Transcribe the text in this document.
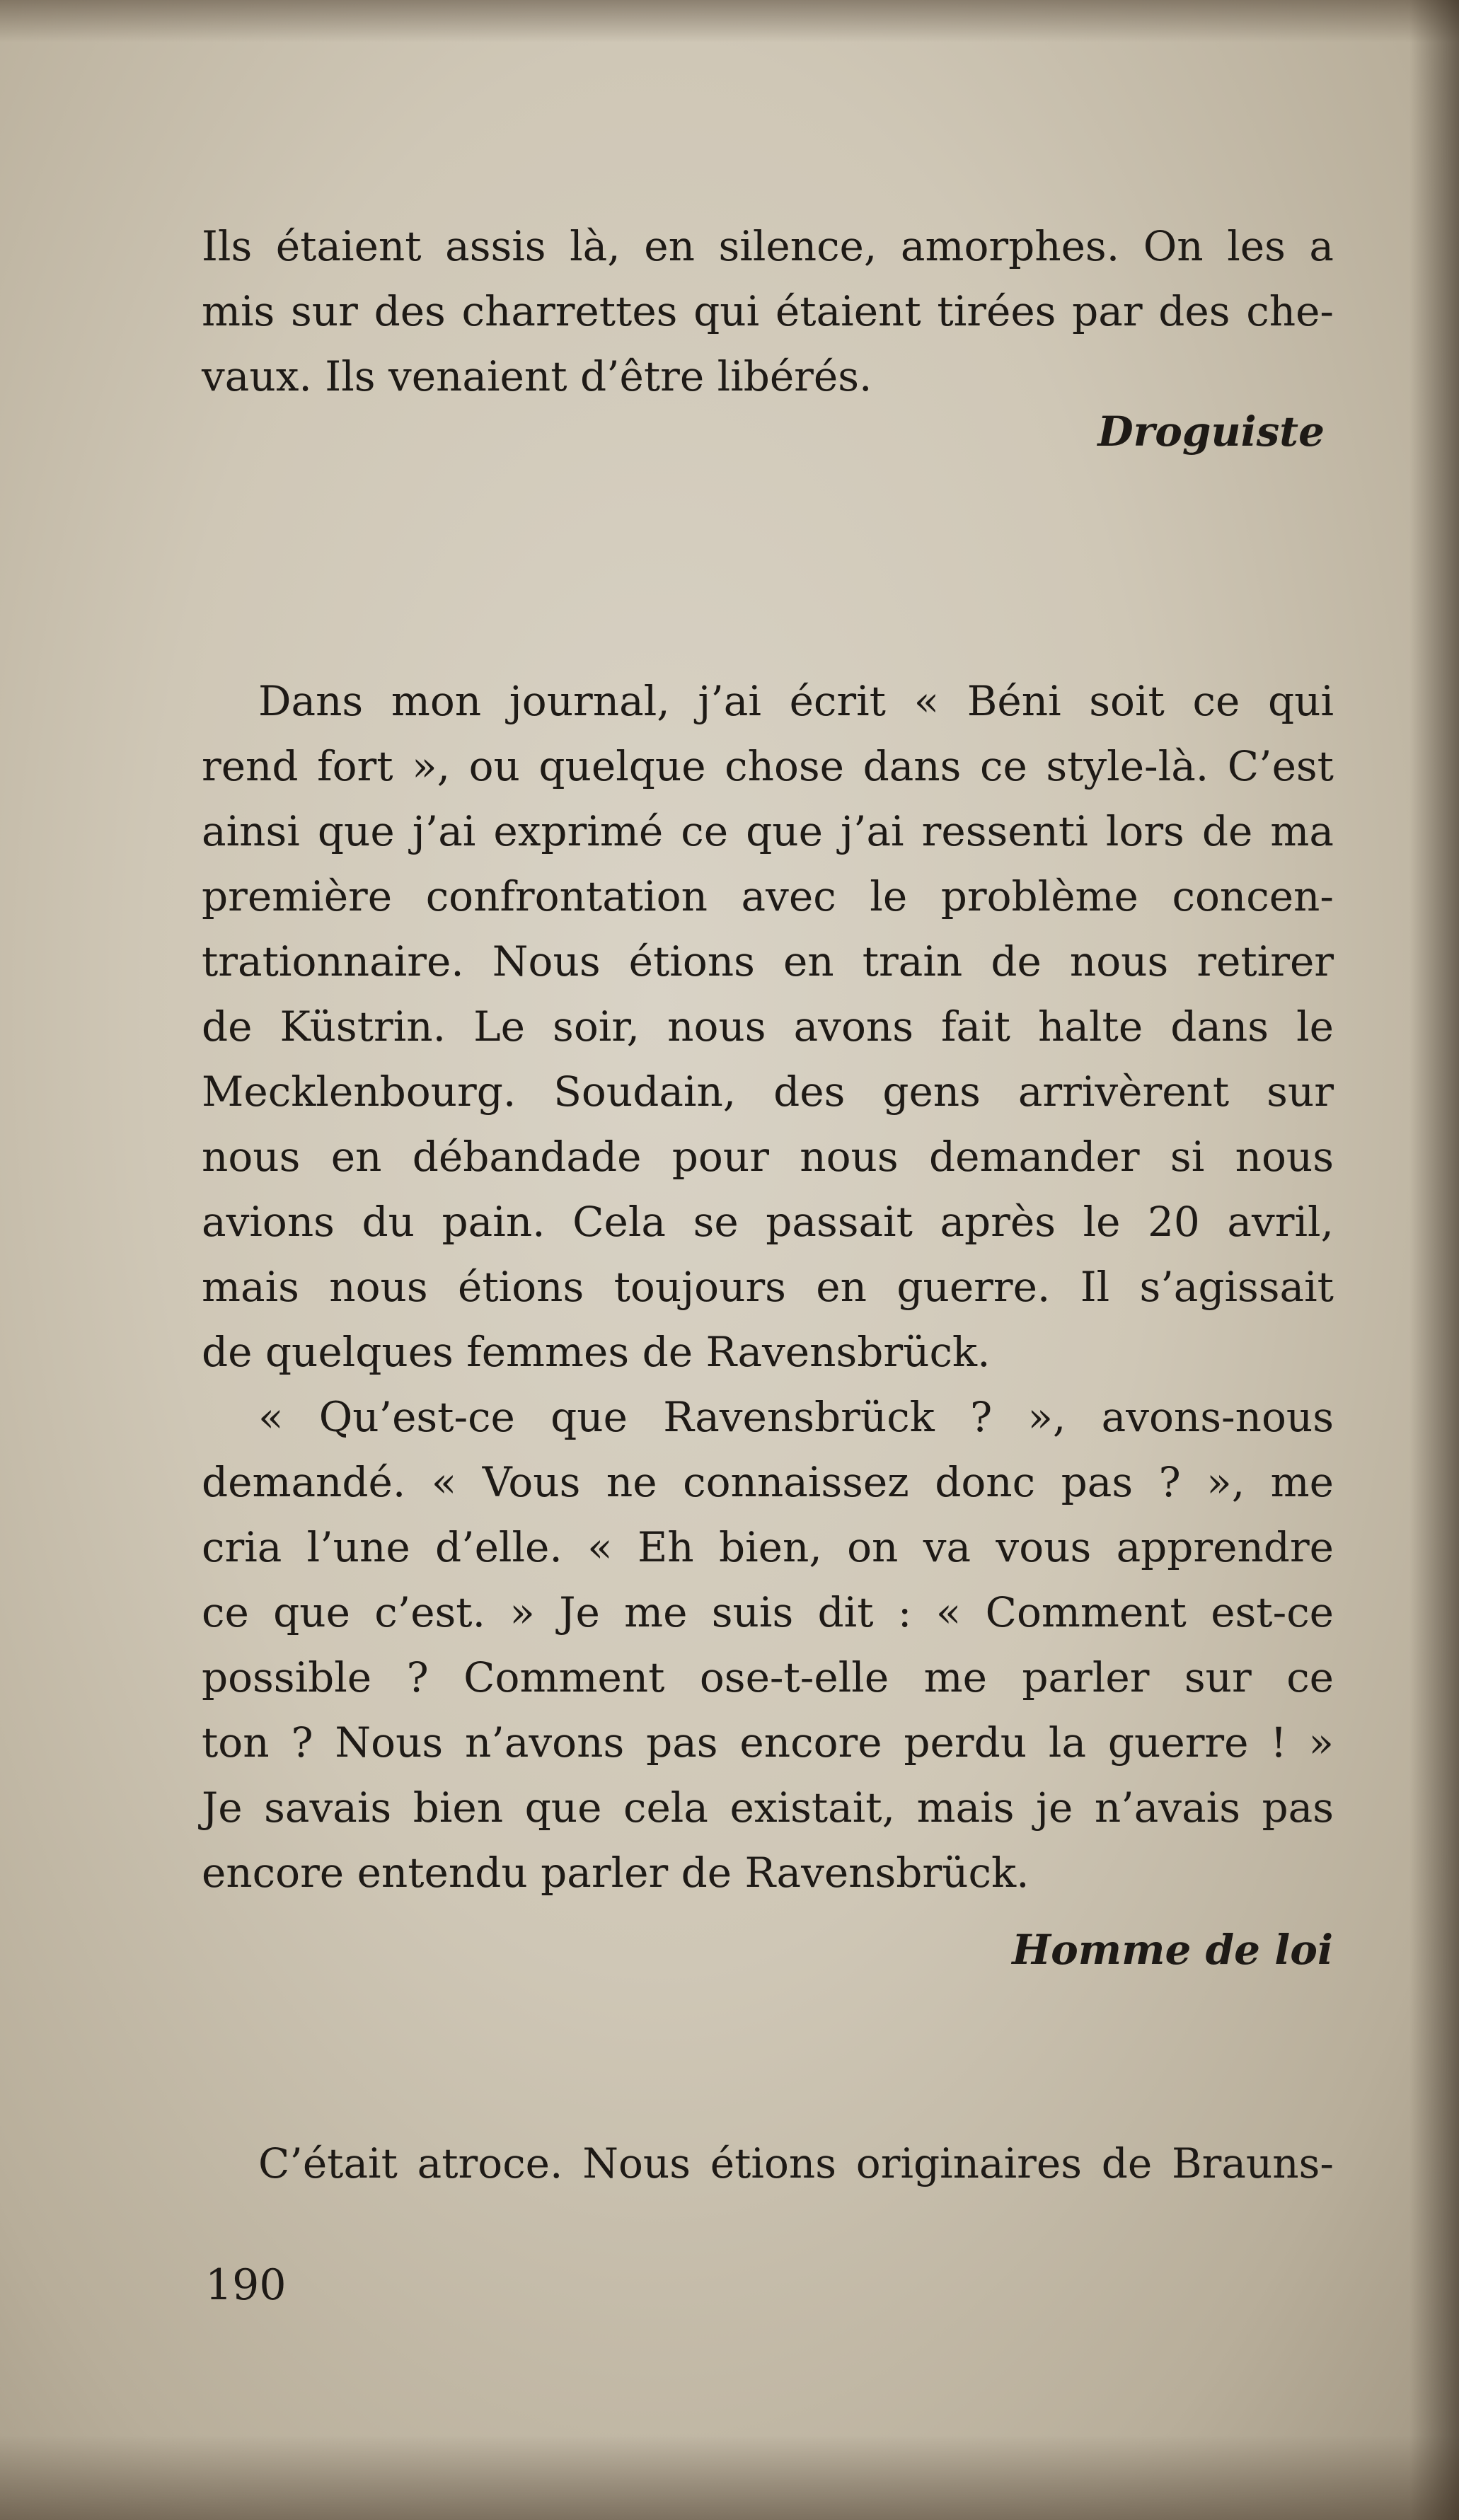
Ils étaient assis là, en silence, amorphes. On les a
mis sur des charrettes qui étaient tirées par des che-
vaux. Ils venaient d’être libérés.
Droguiste
Dans mon journal, j’ai écrit « Béni soit ce qui
rend fort », ou quelque chose dans ce style-là. C’est
ainsi que j’ai exprimé ce que j’ai ressenti lors de ma
première confrontation avec le problème concen-
trationnaire. Nous étions en train de nous retirer
de Küstrin. Le soir, nous avons fait halte dans le
Mecklenbourg. Soudain, des gens arrivèrent sur
nous en débandade pour nous demander si nous
avions du pain. Cela se passait après le 20 avril,
mais nous étions toujours en guerre. Il s’agissait
de quelques femmes de Ravensbrück.
« Qu’est-ce que Ravensbrück ? », avons-nous
demandé. « Vous ne connaissez donc pas ? », me
cria l’une d’elle. « Eh bien, on va vous apprendre
ce que c’est. » Je me suis dit : « Comment est-ce
possible ? Comment ose-t-elle me parler sur ce
ton ? Nous n’avons pas encore perdu la guerre ! »
Je savais bien que cela existait, mais je n’avais pas
encore entendu parler de Ravensbrück.
Homme de loi
C’était atroce. Nous étions originaires de Brauns-
190
